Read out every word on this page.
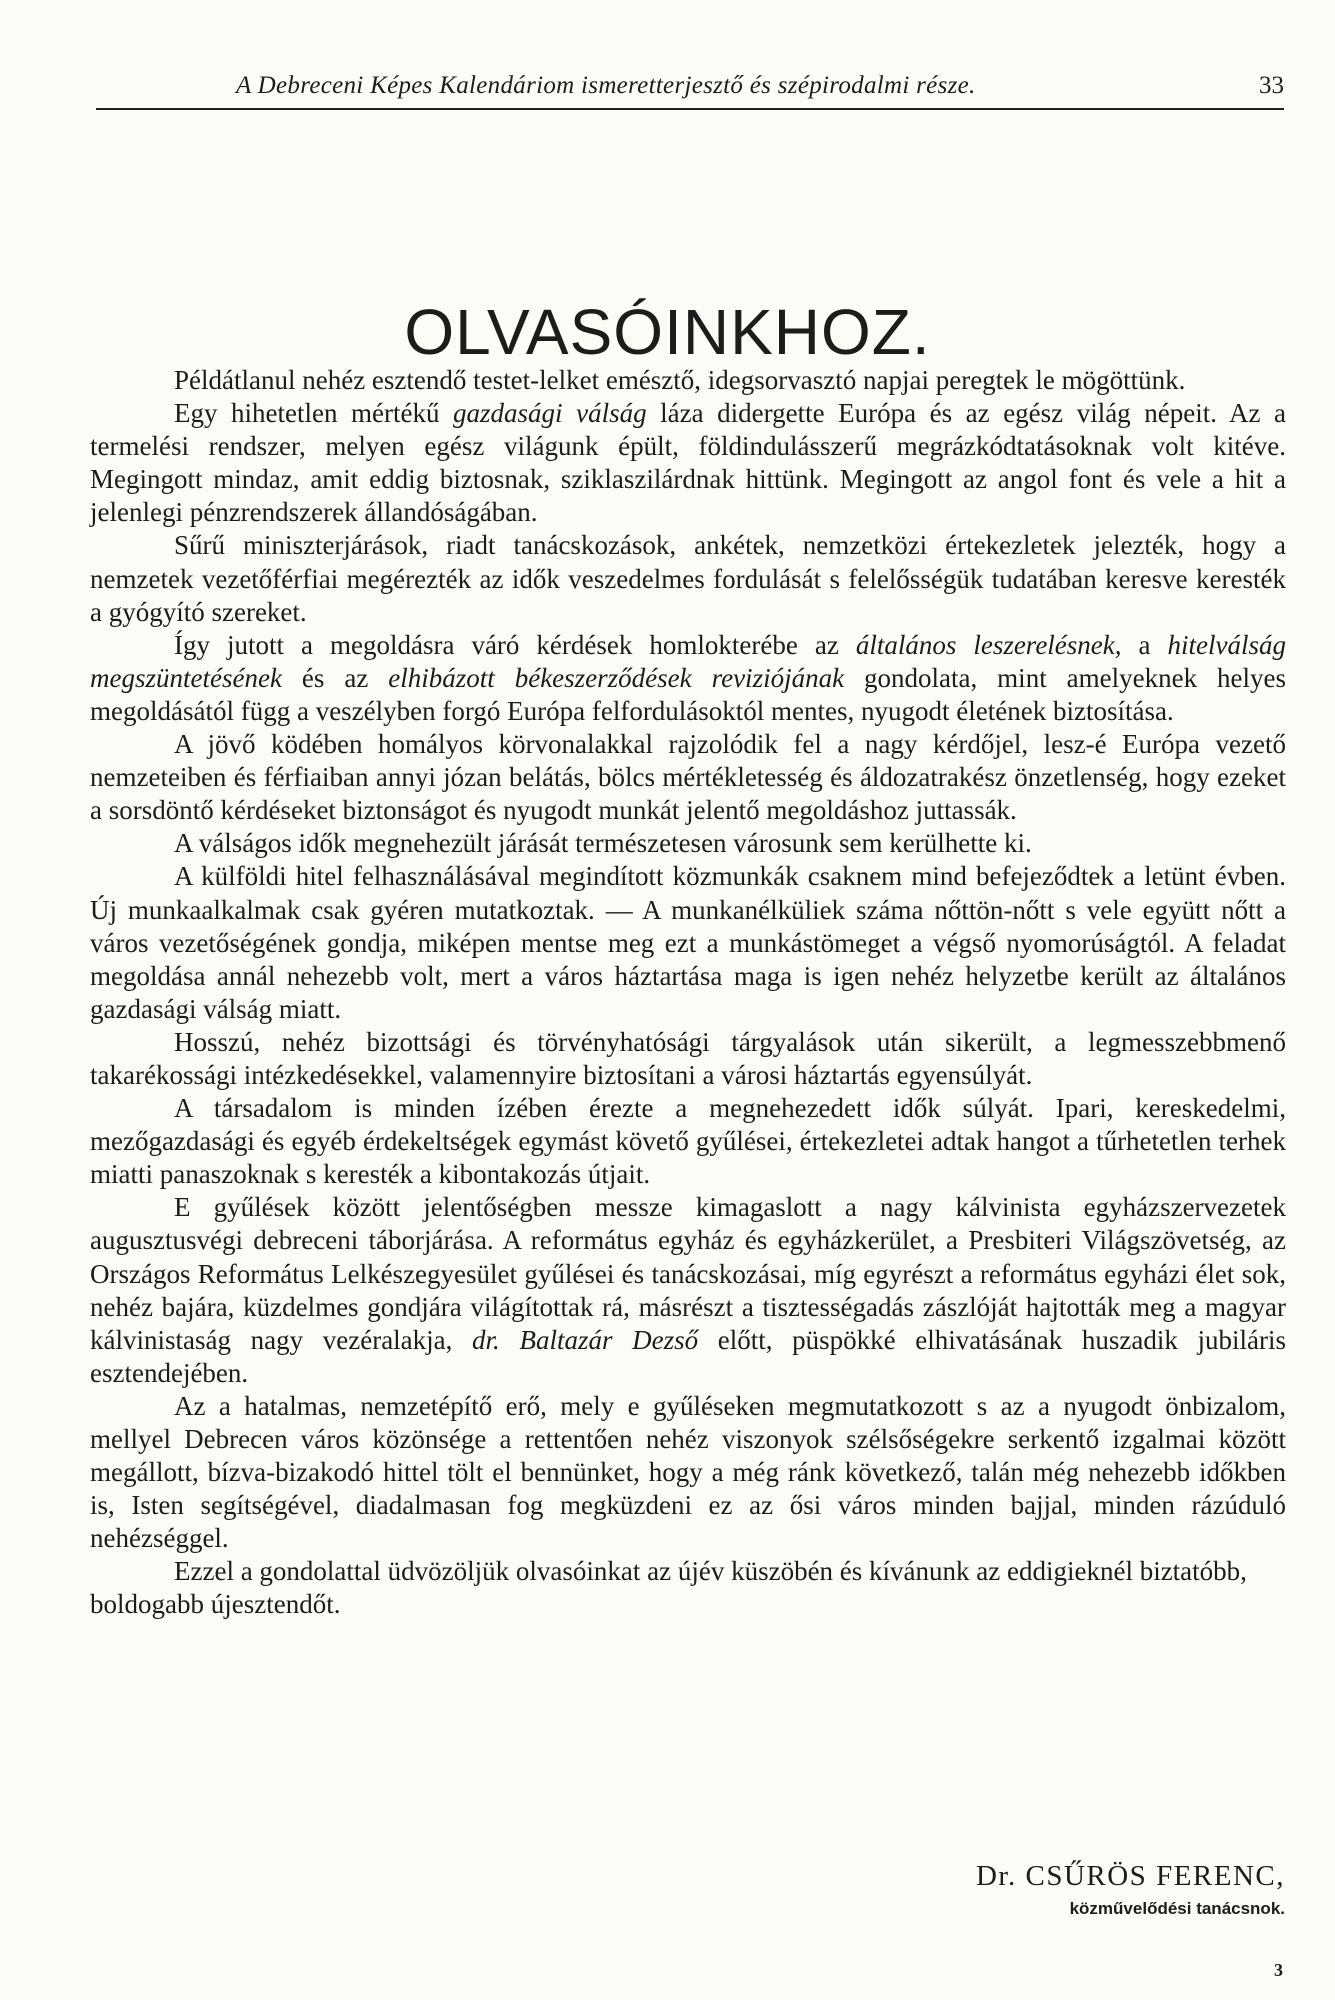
A Debreceni Képes Kalendáriom ismeretterjesztő és szépirodalmi része.	33
OLVASÓINKHOZ.

Példátlanul nehéz esztendő testet-lelket emésztő, idegsorvasztó napjai peregtek le mögöttünk.

Egy hihetetlen mértékű gazdasági válság láza didergette Európa és az egész világ népeit. Az a termelési rendszer, melyen egész világunk épült, földindulásszerű megrázkódtatásoknak volt kitéve. Megingott mindaz, amit eddig biztosnak, sziklaszilárdnak hittünk. Megingott az angol font és vele a hit a jelenlegi pénzrendszerek állandóságában.

Sűrű miniszterjárások, riadt tanácskozások, ankétek, nemzetközi értekezletek jelezték, hogy a nemzetek vezetőférfiai megérezték az idők veszedelmes fordulását s felelősségük tudatában keresve keresték a gyógyító szereket.

Így jutott a megoldásra váró kérdések homlokterébe az általános leszerelésnek, a hitelválság megszüntetésének és az elhibázott békeszerződések reviziójának gondolata, mint amelyeknek helyes megoldásától függ a veszélyben forgó Európa felfordulásoktól mentes, nyugodt életének biztosítása.

A jövő ködében homályos körvonalakkal rajzolódik fel a nagy kérdőjel, lesz-é Európa vezető nemzeteiben és férfiaiban annyi józan belátás, bölcs mértékletesség és áldozatrakész önzetlenség, hogy ezeket a sorsdöntő kérdéseket biztonságot és nyugodt munkát jelentő megoldáshoz juttassák.

A válságos idők megnehezült járását természetesen városunk sem kerülhette ki.

A külföldi hitel felhasználásával megindított közmunkák csaknem mind befejeződtek a letünt évben. Új munkaalkalmak csak gyéren mutatkoztak. — A munkanélküliek száma nőttön-nőtt s vele együtt nőtt a város vezetőségének gondja, miképen mentse meg ezt a munkástömeget a végső nyomorúságtól. A feladat megoldása annál nehezebb volt, mert a város háztartása maga is igen nehéz helyzetbe került az általános gazdasági válság miatt.

Hosszú, nehéz bizottsági és törvényhatósági tárgyalások után sikerült, a legmesszebbmenő takarékossági intézkedésekkel, valamennyire biztosítani a városi háztartás egyensúlyát.

A társadalom is minden ízében érezte a megnehezedett idők súlyát. Ipari, kereskedelmi, mezőgazdasági és egyéb érdekeltségek egymást követő gyűlései, értekezletei adtak hangot a tűrhetetlen terhek miatti panaszoknak s keresték a kibontakozás útjait.

E gyűlések között jelentőségben messze kimagaslott a nagy kálvinista egyházszervezetek augusztusvégi debreceni táborjárása. A református egyház és egyházkerület, a Presbiteri Világszövetség, az Országos Református Lelkészegyesület gyűlései és tanácskozásai, míg egyrészt a református egyházi élet sok, nehéz bajára, küzdelmes gondjára világítottak rá, másrészt a tisztességadás zászlóját hajtották meg a magyar kálvinistaság nagy vezéralakja, dr. Baltazár Dezső előtt, püspökké elhivatásának huszadik jubiláris esztendejében.

Az a hatalmas, nemzetépítő erő, mely e gyűléseken megmutatkozott s az a nyugodt önbizalom, mellyel Debrecen város közönsége a rettentően nehéz viszonyok szélsőségekre serkentő izgalmai között megállott, bízva-bizakodó hittel tölt el bennünket, hogy a még ránk következő, talán még nehezebb időkben is, Isten segítségével, diadalmasan fog megküzdeni ez az ősi város minden bajjal, minden rázúduló nehézséggel.

Ezzel a gondolattal üdvözöljük olvasóinkat az újév küszöbén és kívánunk az eddigieknél biztatóbb, boldogabb újesztendőt.

Dr. CSŰRÖS FERENC,
közművelődési tanácsnok.
3
